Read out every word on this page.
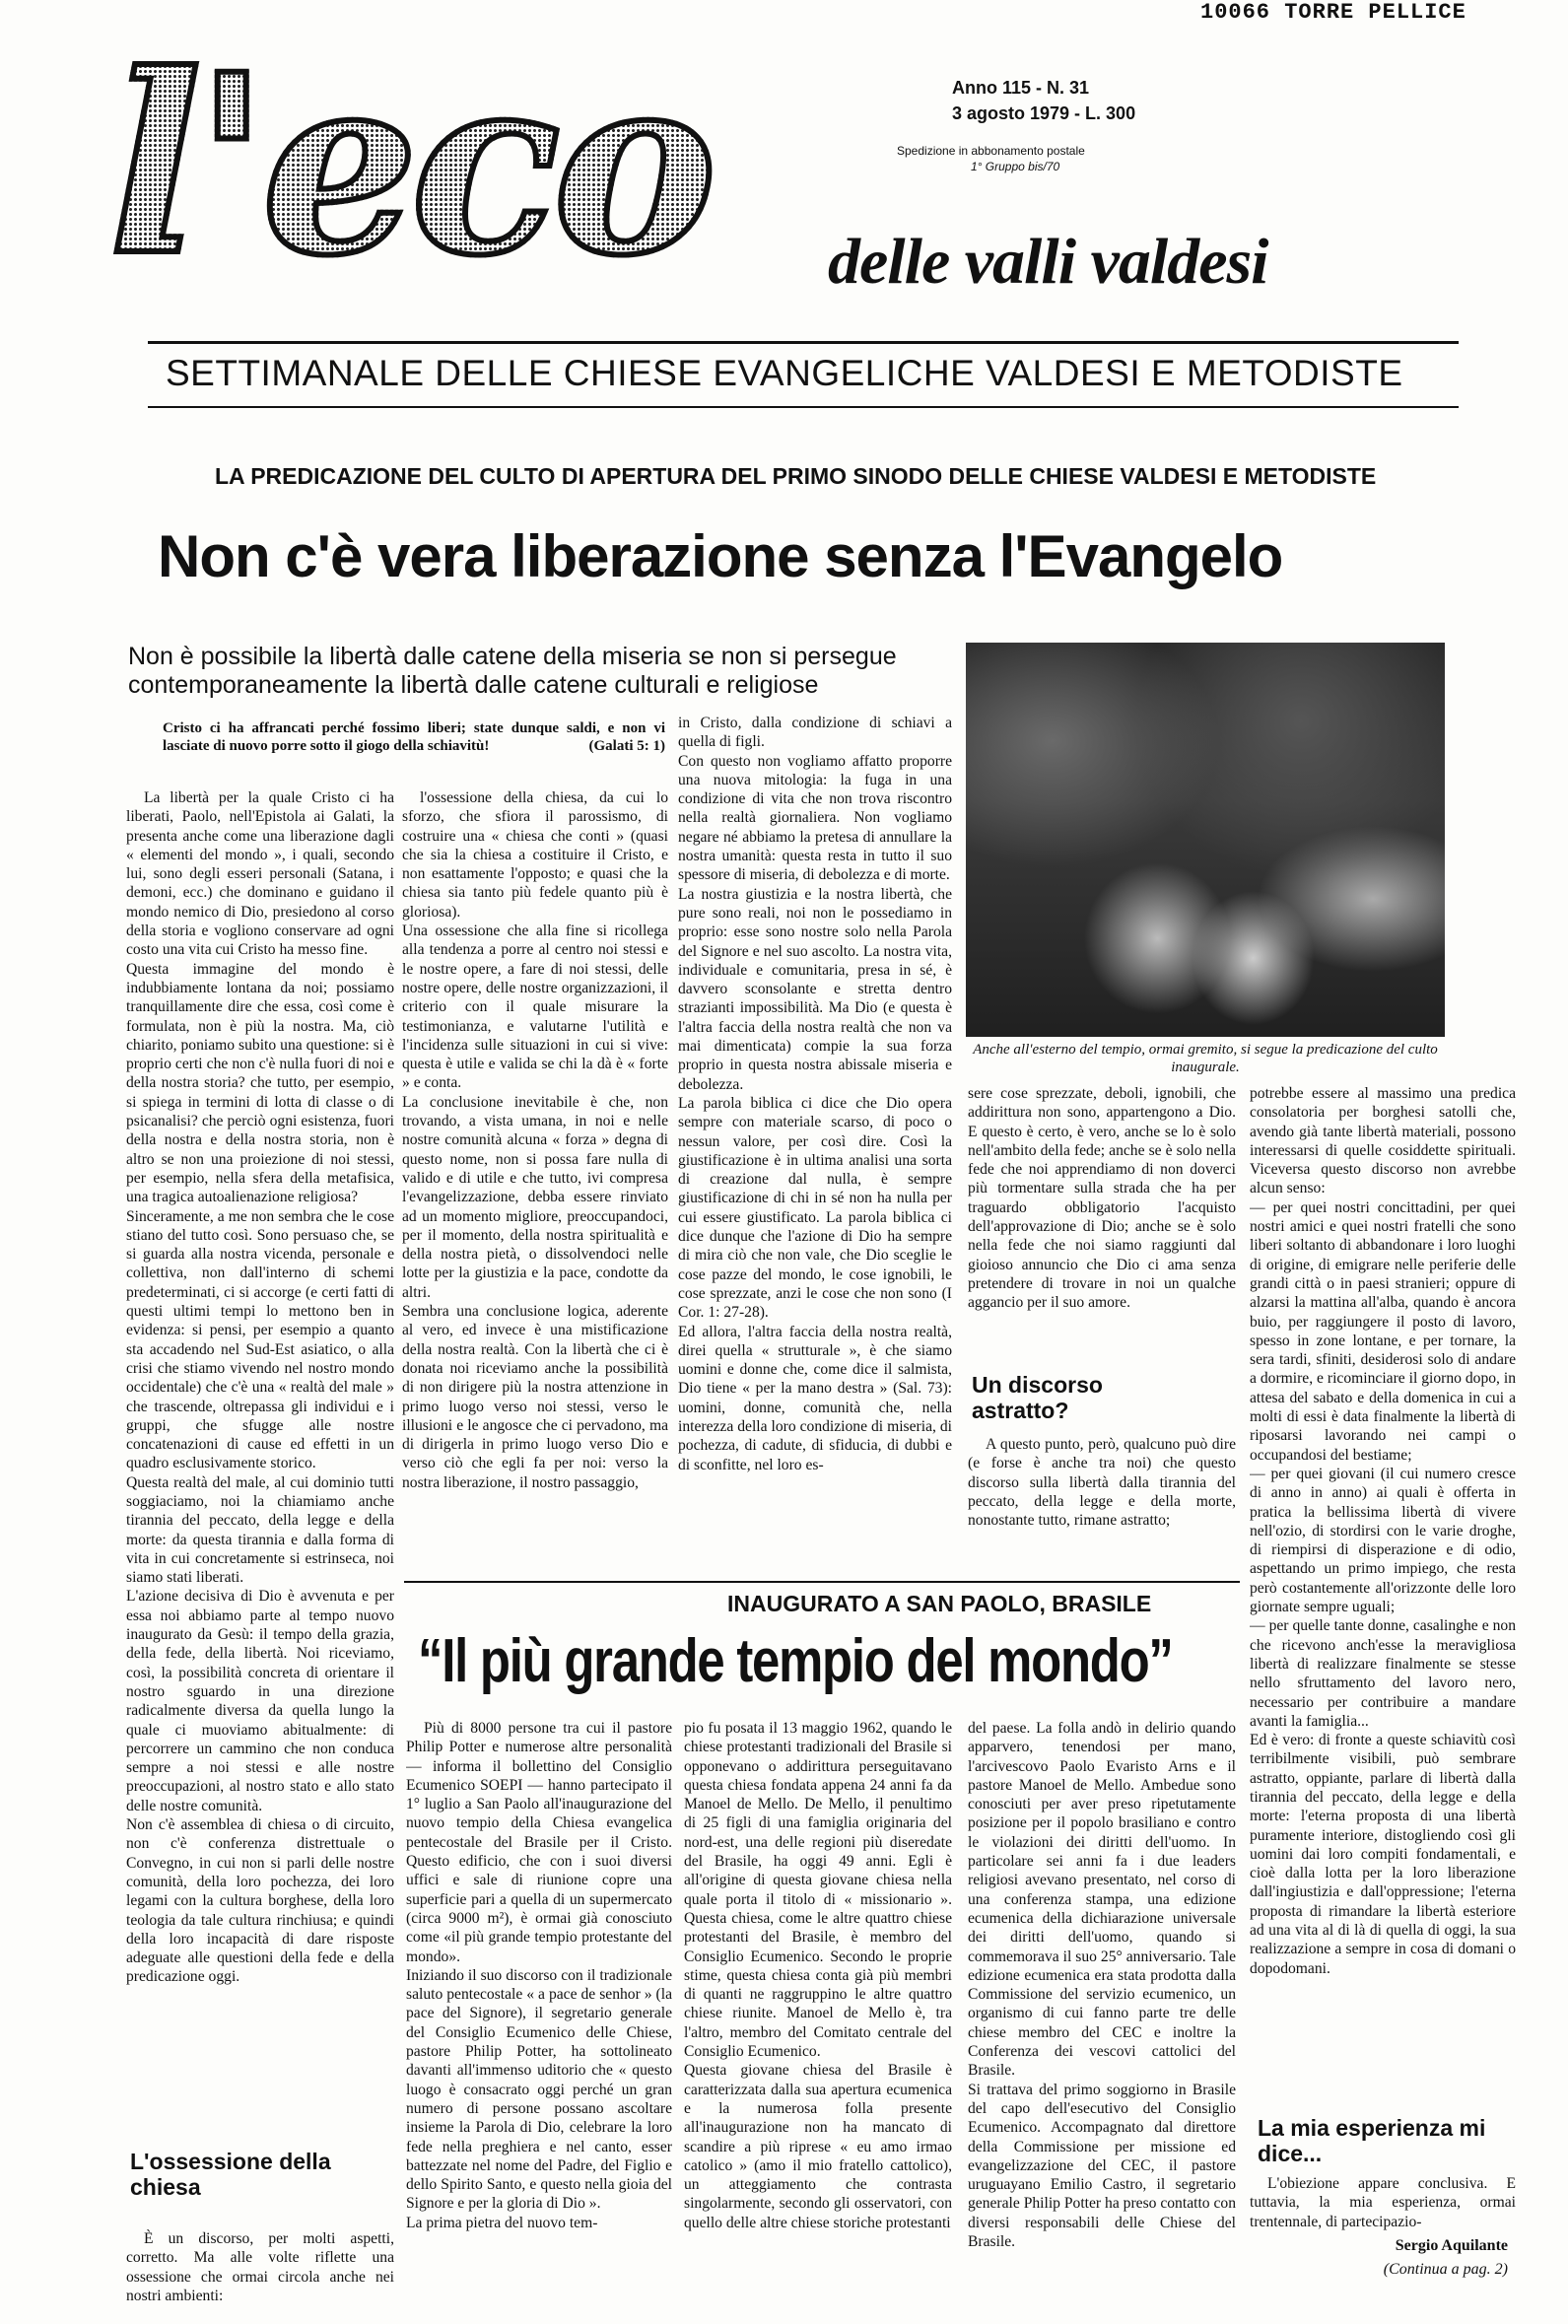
10066 TORRE PELLICE
l'eco delle valli valdesi
Anno 115 - N. 31
3 agosto 1979 - L. 300
Spedizione in abbonamento postale
1° Gruppo bis/70
SETTIMANALE DELLE CHIESE EVANGELICHE VALDESI E METODISTE
LA PREDICAZIONE DEL CULTO DI APERTURA DEL PRIMO SINODO DELLE CHIESE VALDESI E METODISTE
Non c'è vera liberazione senza l'Evangelo
Non è possibile la libertà dalle catene della miseria se non si persegue contemporaneamente la libertà dalle catene culturali e religiose
Anche all'esterno del tempio, ormai gremito, si segue la predicazione del culto inaugurale.
Cristo ci ha affrancati perché fossimo liberi; state dunque saldi, e non vi lasciate di nuovo porre sotto il giogo della schiavitù!	(Galati 5: 1)

La libertà per la quale Cristo ci ha liberati, Paolo, nell'Epistola ai Galati, la presenta anche come una liberazione dagli « elementi del mondo », i quali, secondo lui, sono degli esseri personali (Satana, i demoni, ecc.) che dominano e guidano il mondo nemico di Dio, presiedono al corso della storia e vogliono conservare ad ogni costo una vita cui Cristo ha messo fine.
Questa immagine del mondo è indubbiamente lontana da noi; possiamo tranquillamente dire che essa, così come è formulata, non è più la nostra. Ma, ciò chiarito, poniamo subito una questione: si è proprio certi che non c'è nulla fuori di noi e della nostra storia? che tutto, per esempio, si spiega in termini di lotta di classe o di psicanalisi? che perciò ogni esistenza, fuori della nostra e della nostra storia, non è altro se non una proiezione di noi stessi, per esempio, nella sfera della metafisica, una tragica autoalienazione religiosa?
Sinceramente, a me non sembra che le cose stiano del tutto così. Sono persuaso che, se si guarda alla nostra vicenda, personale e collettiva, non dall'interno di schemi predeterminati, ci si accorge (e certi fatti di questi ultimi tempi lo mettono ben in evidenza: si pensi, per esempio a quanto sta accadendo nel Sud-Est asiatico, o alla crisi che stiamo vivendo nel nostro mondo occidentale) che c'è una « realtà del male » che trascende, oltrepassa gli individui e i gruppi, che sfugge alle nostre concatenazioni di cause ed effetti in un quadro esclusivamente storico.
Questa realtà del male, al cui dominio tutti soggiaciamo, noi la chiamiamo anche tirannia del peccato, della legge e della morte: da questa tirannia e dalla forma di vita in cui concretamente si estrinseca, noi siamo stati liberati.
L'azione decisiva di Dio è avvenuta e per essa noi abbiamo parte al tempo nuovo inaugurato da Gesù: il tempo della grazia, della fede, della libertà. Noi riceviamo, così, la possibilità concreta di orientare il nostro sguardo in una direzione radicalmente diversa da quella lungo la quale ci muoviamo abitualmente: di percorrere un cammino che non conduca sempre a noi stessi e alle nostre preoccupazioni, al nostro stato e allo stato delle nostre comunità.
Non c'è assemblea di chiesa o di circuito, non c'è conferenza distrettuale o Convegno, in cui non si parli delle nostre comunità, della loro pochezza, dei loro legami con la cultura borghese, della loro teologia da tale cultura rinchiusa; e quindi della loro incapacità di dare risposte adeguate alle questioni della fede e della predicazione oggi.

L'ossessione della chiesa

È un discorso, per molti aspetti, corretto. Ma alle volte riflette una ossessione che ormai circola anche nei nostri ambienti:

l'ossessione della chiesa, da cui lo sforzo, che sfiora il parossismo, di costruire una « chiesa che conti » (quasi che sia la chiesa a costituire il Cristo, e non esattamente l'opposto; e quasi che la chiesa sia tanto più fedele quanto più è gloriosa).
Una ossessione che alla fine si ricollega alla tendenza a porre al centro noi stessi e le nostre opere, a fare di noi stessi, delle nostre opere, delle nostre organizzazioni, il criterio con il quale misurare la testimonianza, e valutarne l'utilità e l'incidenza sulle situazioni in cui si vive: questa è utile e valida se chi la dà è « forte » e conta.
La conclusione inevitabile è che, non trovando, a vista umana, in noi e nelle nostre comunità alcuna « forza » degna di questo nome, non si possa fare nulla di valido e di utile e che tutto, ivi compresa l'evangelizzazione, debba essere rinviato ad un momento migliore, preoccupandoci, per il momento, della nostra spiritualità e della nostra pietà, o dissolvendoci nelle lotte per la giustizia e la pace, condotte da altri.
Sembra una conclusione logica, aderente al vero, ed invece è una mistificazione della nostra realtà. Con la libertà che ci è donata noi riceviamo anche la possibilità di non dirigere più la nostra attenzione in primo luogo verso noi stessi, verso le illusioni e le angosce che ci pervadono, ma di dirigerla in primo luogo verso Dio e verso ciò che egli fa per noi: verso la nostra liberazione, il nostro passaggio,

in Cristo, dalla condizione di schiavi a quella di figli.
Con questo non vogliamo affatto proporre una nuova mitologia: la fuga in una condizione di vita che non trova riscontro nella realtà giornaliera. Non vogliamo negare né abbiamo la pretesa di annullare la nostra umanità: questa resta in tutto il suo spessore di miseria, di debolezza e di morte.
La nostra giustizia e la nostra libertà, che pure sono reali, noi non le possediamo in proprio: esse sono nostre solo nella Parola del Signore e nel suo ascolto. La nostra vita, individuale e comunitaria, presa in sé, è davvero sconsolante e stretta dentro strazianti impossibilità. Ma Dio (e questa è l'altra faccia della nostra realtà che non va mai dimenticata) compie la sua forza proprio in questa nostra abissale miseria e debolezza.
La parola biblica ci dice che Dio opera sempre con materiale scarso, di poco o nessun valore, per così dire. Così la giustificazione è in ultima analisi una sorta di creazione dal nulla, è sempre giustificazione di chi in sé non ha nulla per cui essere giustificato. La parola biblica ci dice dunque che l'azione di Dio ha sempre di mira ciò che non vale, che Dio sceglie le cose pazze del mondo, le cose ignobili, le cose sprezzate, anzi le cose che non sono (I Cor. 1: 27-28).
Ed allora, l'altra faccia della nostra realtà, direi quella « strutturale », è che siamo uomini e donne che, come dice il salmista, Dio tiene « per la mano destra » (Sal. 73): uomini, donne, comunità che, nella interezza della loro condizione di miseria, di pochezza, di cadute, di sfiducia, di dubbi e di sconfitte, nel loro es-

sere cose sprezzate, deboli, ignobili, che addirittura non sono, appartengono a Dio. E questo è certo, è vero, anche se lo è solo nell'ambito della fede; anche se è solo nella fede che noi apprendiamo di non doverci più tormentare sulla strada che ha per traguardo obbligatorio l'acquisto dell'approvazione di Dio; anche se è solo nella fede che noi siamo raggiunti dal gioioso annuncio che Dio ci ama senza pretendere di trovare in noi un qualche aggancio per il suo amore.

Un discorso astratto?

A questo punto, però, qualcuno può dire (e forse è anche tra noi) che questo discorso sulla libertà dalla tirannia del peccato, della legge e della morte, nonostante tutto, rimane astratto;

potrebbe essere al massimo una predica consolatoria per borghesi satolli che, avendo già tante libertà materiali, possono interessarsi di quelle cosiddette spirituali. Viceversa questo discorso non avrebbe alcun senso:
— per quei nostri concittadini, per quei nostri amici e quei nostri fratelli che sono liberi soltanto di abbandonare i loro luoghi di origine, di emigrare nelle periferie delle grandi città o in paesi stranieri; oppure di alzarsi la mattina all'alba, quando è ancora buio, per raggiungere il posto di lavoro, spesso in zone lontane, e per tornare, la sera tardi, sfiniti, desiderosi solo di andare a dormire, e ricominciare il giorno dopo, in attesa del sabato e della domenica in cui a molti di essi è data finalmente la libertà di riposarsi lavorando nei campi o occupandosi del bestiame;
— per quei giovani (il cui numero cresce di anno in anno) ai quali è offerta in pratica la bellissima libertà di vivere nell'ozio, di stordirsi con le varie droghe, di riempirsi di disperazione e di odio, aspettando un primo impiego, che resta però costantemente all'orizzonte delle loro giornate sempre uguali;
— per quelle tante donne, casalinghe e non che ricevono anch'esse la meravigliosa libertà di realizzare finalmente se stesse nello sfruttamento del lavoro nero, necessario per contribuire a mandare avanti la famiglia...
Ed è vero: di fronte a queste schiavitù così terribilmente visibili, può sembrare astratto, oppiante, parlare di libertà dalla tirannia del peccato, della legge e della morte: l'eterna proposta di una libertà puramente interiore, distogliendo così gli uomini dai loro compiti fondamentali, e cioè dalla lotta per la loro liberazione dall'ingiustizia e dall'oppressione; l'eterna proposta di rimandare la libertà esteriore ad una vita al di là di quella di oggi, la sua realizzazione a sempre in cosa di domani o dopodomani.

La mia esperienza mi dice...

L'obiezione appare conclusiva. E tuttavia, la mia esperienza, ormai trentennale, di partecipazio-

Sergio Aquilante
(Continua a pag. 2)
INAUGURATO A SAN PAOLO, BRASILE
“Il più grande tempio del mondo”

Più di 8000 persone tra cui il pastore Philip Potter e numerose altre personalità — informa il bollettino del Consiglio Ecumenico SOEPI — hanno partecipato il 1° luglio a San Paolo all'inaugurazione del nuovo tempio della Chiesa evangelica pentecostale del Brasile per il Cristo. Questo edificio, che con i suoi diversi uffici e sale di riunione copre una superficie pari a quella di un supermercato (circa 9000 m²), è ormai già conosciuto come «il più grande tempio protestante del mondo».
Iniziando il suo discorso con il tradizionale saluto pentecostale « a pace de senhor » (la pace del Signore), il segretario generale del Consiglio Ecumenico delle Chiese, pastore Philip Potter, ha sottolineato davanti all'immenso uditorio che « questo luogo è consacrato oggi perché un gran numero di persone possano ascoltare insieme la Parola di Dio, celebrare la loro fede nella preghiera e nel canto, esser battezzate nel nome del Padre, del Figlio e dello Spirito Santo, e questo nella gioia del Signore e per la gloria di Dio ».
La prima pietra del nuovo tem-

pio fu posata il 13 maggio 1962, quando le chiese protestanti tradizionali del Brasile si opponevano o addirittura perseguitavano questa chiesa fondata appena 24 anni fa da Manoel de Mello. De Mello, il penultimo di 25 figli di una famiglia originaria del nord-est, una delle regioni più diseredate del Brasile, ha oggi 49 anni. Egli è all'origine di questa giovane chiesa nella quale porta il titolo di « missionario ». Questa chiesa, come le altre quattro chiese protestanti del Brasile, è membro del Consiglio Ecumenico. Secondo le proprie stime, questa chiesa conta già più membri di quanti ne raggruppino le altre quattro chiese riunite. Manoel de Mello è, tra l'altro, membro del Comitato centrale del Consiglio Ecumenico.
Questa giovane chiesa del Brasile è caratterizzata dalla sua apertura ecumenica e la numerosa folla presente all'inaugurazione non ha mancato di scandire a più riprese « eu amo irmao catolico » (amo il mio fratello cattolico), un atteggiamento che contrasta singolarmente, secondo gli osservatori, con quello delle altre chiese storiche protestanti

del paese. La folla andò in delirio quando apparvero, tenendosi per mano, l'arcivescovo Paolo Evaristo Arns e il pastore Manoel de Mello. Ambedue sono conosciuti per aver preso ripetutamente posizione per il popolo brasiliano e contro le violazioni dei diritti dell'uomo. In particolare sei anni fa i due leaders religiosi avevano presentato, nel corso di una conferenza stampa, una edizione ecumenica della dichiarazione universale dei diritti dell'uomo, quando si commemorava il suo 25° anniversario. Tale edizione ecumenica era stata prodotta dalla Commissione del servizio ecumenico, un organismo di cui fanno parte tre delle chiese membro del CEC e inoltre la Conferenza dei vescovi cattolici del Brasile.
Si trattava del primo soggiorno in Brasile del capo dell'esecutivo del Consiglio Ecumenico. Accompagnato dal direttore della Commissione per missione ed evangelizzazione del CEC, il pastore uruguayano Emilio Castro, il segretario generale Philip Potter ha preso contatto con diversi responsabili delle Chiese del Brasile.
